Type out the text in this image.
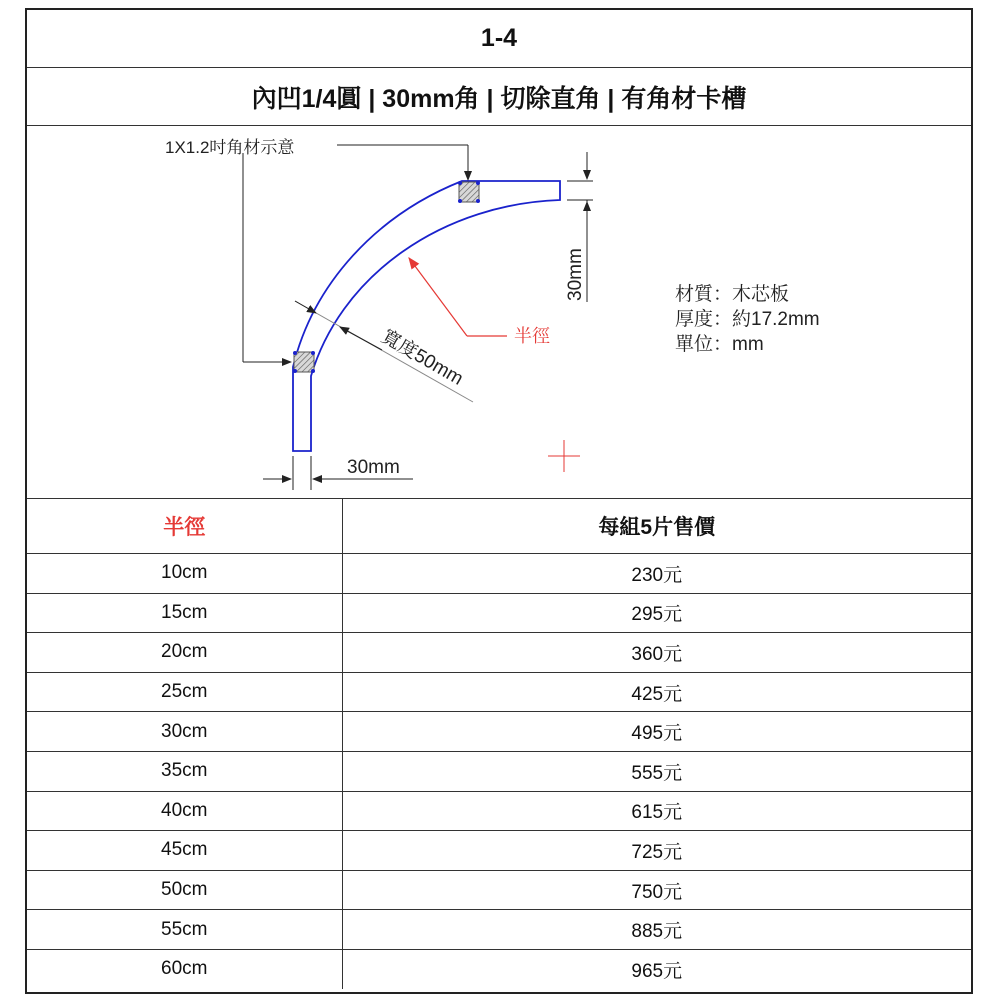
1-4
內凹1/4圓 | 30mm角 | 切除直角 | 有角材卡槽
1X1.2吋角材示意
寬度50mm	半徑
30mm
30mm
材質：木芯板
厚度：約17.2mm
單位：mm
半徑	每組5片售價
10cm	230元
15cm	295元
20cm	360元
25cm	425元
30cm	495元
35cm	555元
40cm	615元
45cm	725元
50cm	750元
55cm	885元
60cm	965元
